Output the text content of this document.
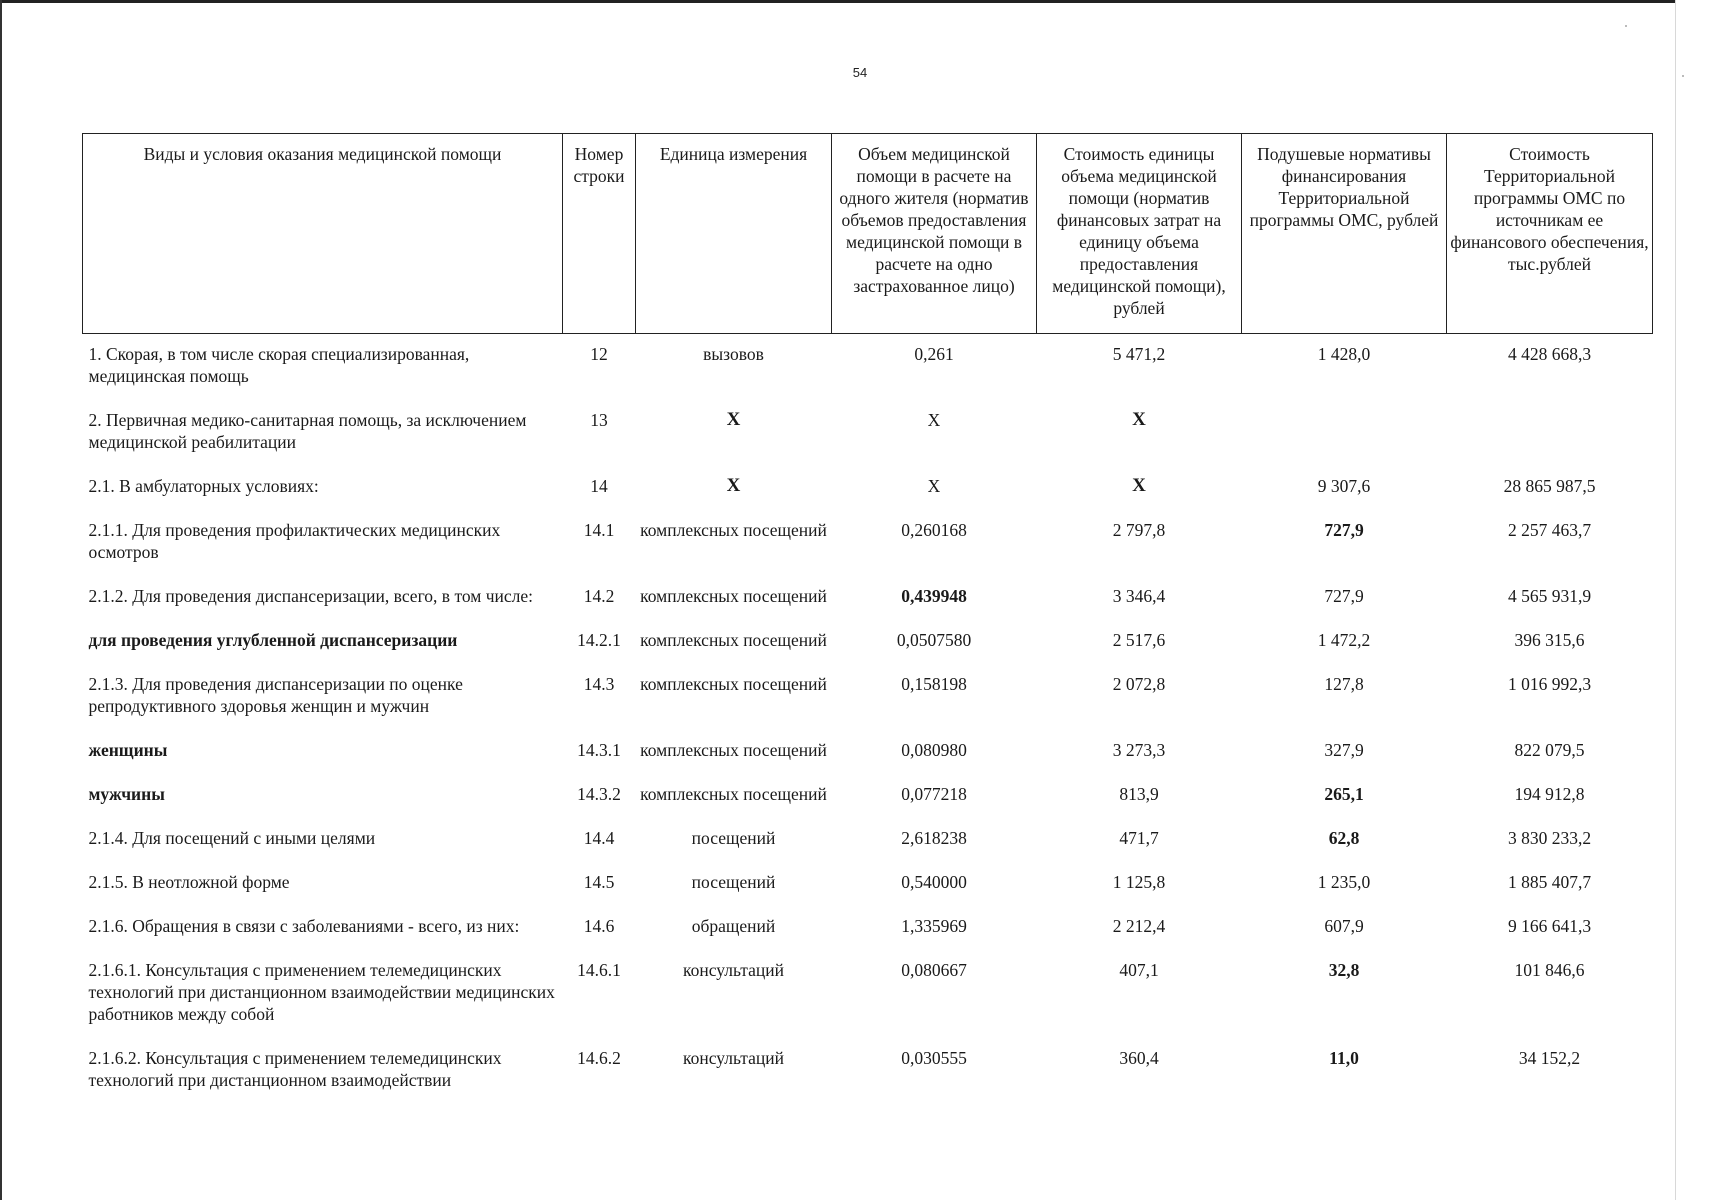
54
Виды и условия оказания медицинской помощи	Номер строки	Единица измерения	Объем медицинской помощи в расчете на одного жителя (норматив объемов предоставления медицинской помощи в расчете на одно застрахованное лицо)	Стоимость единицы объема медицинской помощи (норматив финансовых затрат на единицу объема предоставления медицинской помощи), рублей	Подушевые нормативы финансирования Территориальной программы ОМС, рублей	Стоимость Территориальной программы ОМС по источникам ее финансового обеспечения, тыс.рублей
1. Скорая, в том числе скорая специализированная, медицинская помощь	12	вызовов	0,261	5 471,2	1 428,0	4 428 668,3
2. Первичная медико-санитарная помощь, за исключением медицинской реабилитации	13	X	X	X		
2.1. В амбулаторных условиях:	14	X	X	X	9 307,6	28 865 987,5
2.1.1. Для проведения профилактических медицинских осмотров	14.1	комплексных посещений	0,260168	2 797,8	727,9	2 257 463,7
2.1.2. Для проведения диспансеризации, всего, в том числе:	14.2	комплексных посещений	0,439948	3 346,4	727,9	4 565 931,9
для проведения углубленной диспансеризации	14.2.1	комплексных посещений	0,0507580	2 517,6	1 472,2	396 315,6
2.1.3. Для проведения диспансеризации по оценке репродуктивного здоровья женщин и мужчин	14.3	комплексных посещений	0,158198	2 072,8	127,8	1 016 992,3
женщины	14.3.1	комплексных посещений	0,080980	3 273,3	327,9	822 079,5
мужчины	14.3.2	комплексных посещений	0,077218	813,9	265,1	194 912,8
2.1.4. Для посещений с иными целями	14.4	посещений	2,618238	471,7	62,8	3 830 233,2
2.1.5. В неотложной форме	14.5	посещений	0,540000	1 125,8	1 235,0	1 885 407,7
2.1.6. Обращения в связи с заболеваниями - всего, из них:	14.6	обращений	1,335969	2 212,4	607,9	9 166 641,3
2.1.6.1. Консультация с применением телемедицинских технологий при дистанционном взаимодействии медицинских работников между собой	14.6.1	консультаций	0,080667	407,1	32,8	101 846,6
2.1.6.2. Консультация с применением телемедицинских технологий при дистанционном взаимодействии	14.6.2	консультаций	0,030555	360,4	11,0	34 152,2
